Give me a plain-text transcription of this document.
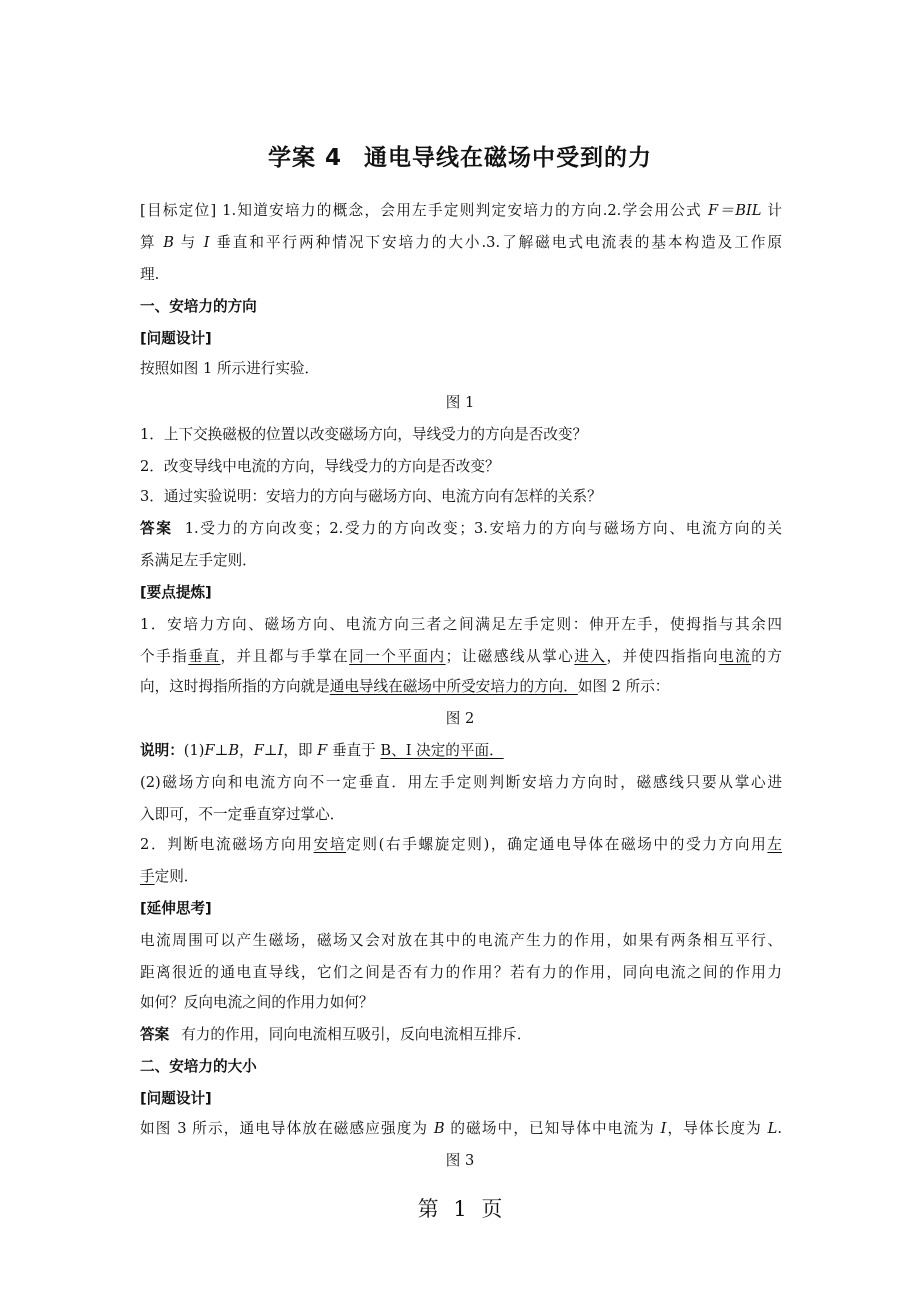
学案 4 通电导线在磁场中受到的力
[目标定位] 1.知道安培力的概念，会用左手定则判定安培力的方向.2.学会用公式 F＝BIL 计
算 B 与 I 垂直和平行两种情况下安培力的大小.3.了解磁电式电流表的基本构造及工作原
理.
一、安培力的方向
[问题设计]
按照如图 1 所示进行实验．
图 1
1．上下交换磁极的位置以改变磁场方向，导线受力的方向是否改变？
2．改变导线中电流的方向，导线受力的方向是否改变？
3．通过实验说明：安培力的方向与磁场方向、电流方向有怎样的关系？
答案 1.受力的方向改变；2.受力的方向改变；3.安培力的方向与磁场方向、电流方向的关
系满足左手定则．
[要点提炼]
1．安培力方向、磁场方向、电流方向三者之间满足左手定则：伸开左手，使拇指与其余四
个手指垂直，并且都与手掌在同一个平面内；让磁感线从掌心进入，并使四指指向电流的方
向，这时拇指所指的方向就是通电导线在磁场中所受安培力的方向．如图 2 所示：
图 2
说明：(1)F⊥B，F⊥I，即 F 垂直于 B、I 决定的平面．
(2)磁场方向和电流方向不一定垂直．用左手定则判断安培力方向时，磁感线只要从掌心进
入即可，不一定垂直穿过掌心．
2．判断电流磁场方向用安培定则(右手螺旋定则)，确定通电导体在磁场中的受力方向用左
手定则．
[延伸思考]
电流周围可以产生磁场，磁场又会对放在其中的电流产生力的作用，如果有两条相互平行、
距离很近的通电直导线，它们之间是否有力的作用？若有力的作用，同向电流之间的作用力
如何？反向电流之间的作用力如何？
答案 有力的作用，同向电流相互吸引，反向电流相互排斥．
二、安培力的大小
[问题设计]
如图 3 所示，通电导体放在磁感应强度为 B 的磁场中，已知导体中电流为 I，导体长度为 L.
图 3
第 1 页
